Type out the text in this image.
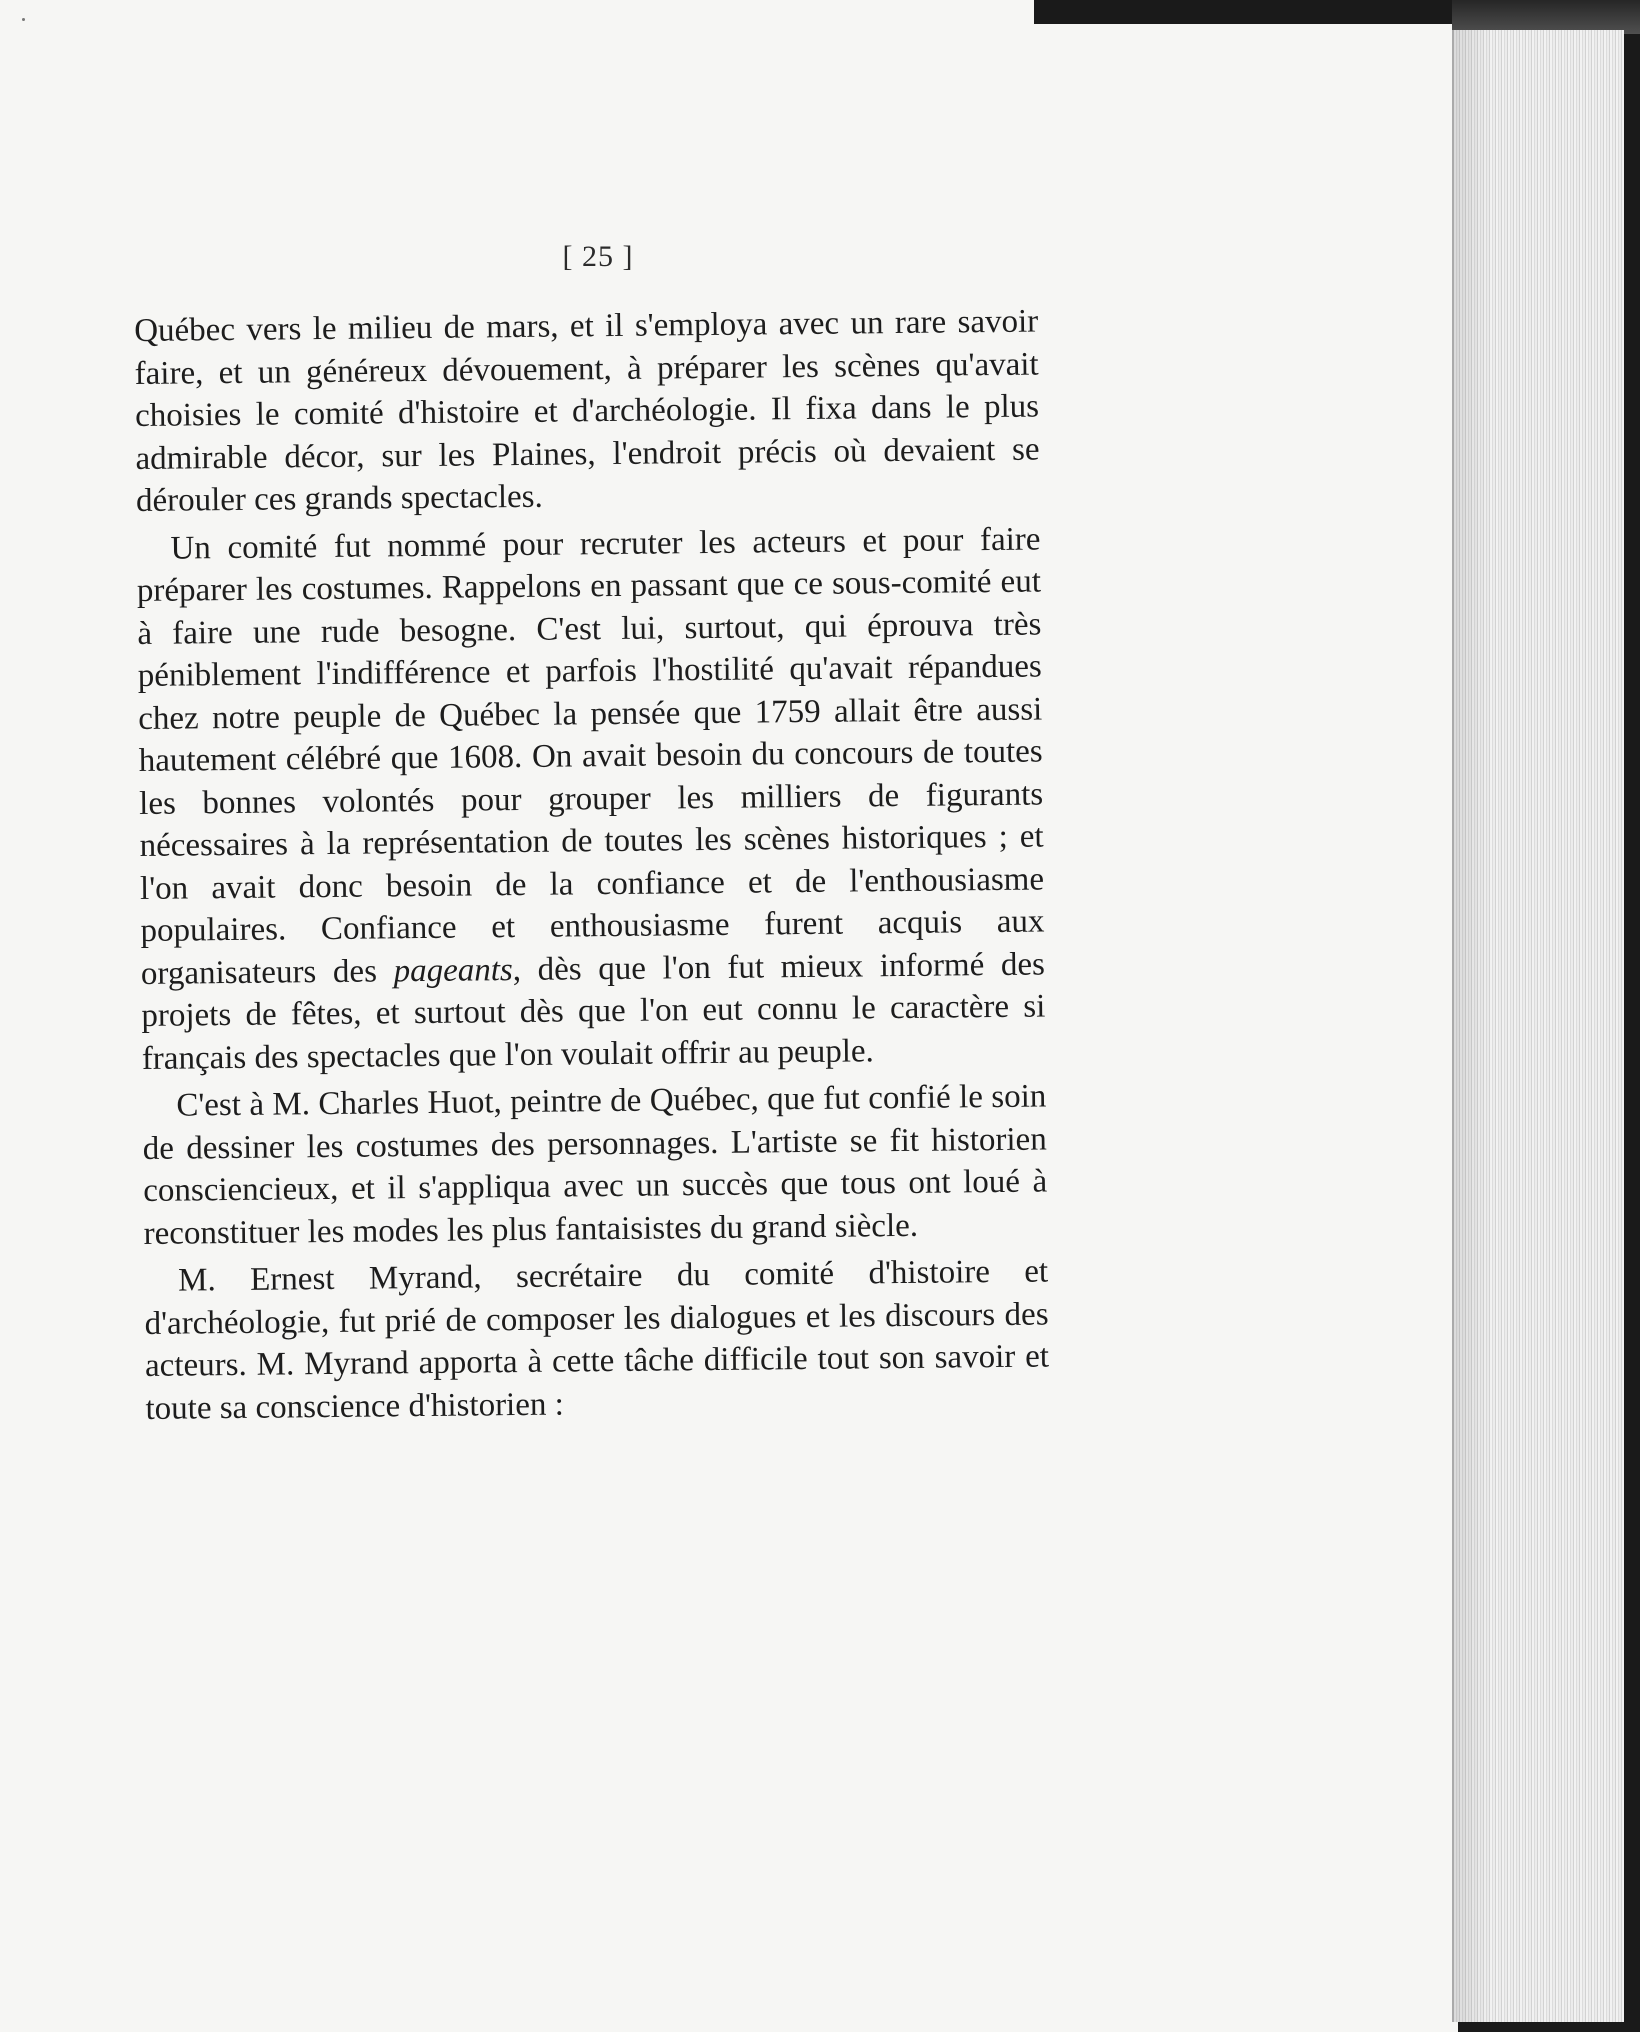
[ 25 ]

Québec vers le milieu de mars, et il s'employa avec un rare savoir faire, et un généreux dévouement, à préparer les scènes qu'avait choisies le comité d'histoire et d'archéologie. Il fixa dans le plus admirable décor, sur les Plaines, l'endroit précis où devaient se dérouler ces grands spectacles.

Un comité fut nommé pour recruter les acteurs et pour faire préparer les costumes. Rappelons en passant que ce sous-comité eut à faire une rude besogne. C'est lui, surtout, qui éprouva très péniblement l'indifférence et parfois l'hostilité qu'avait répandues chez notre peuple de Québec la pensée que 1759 allait être aussi hautement célébré que 1608. On avait besoin du concours de toutes les bonnes volontés pour grouper les milliers de figurants nécessaires à la représentation de toutes les scènes historiques ; et l'on avait donc besoin de la confiance et de l'enthousiasme populaires. Confiance et enthousiasme furent acquis aux organisateurs des pageants, dès que l'on fut mieux informé des projets de fêtes, et surtout dès que l'on eut connu le caractère si français des spectacles que l'on voulait offrir au peuple.

C'est à M. Charles Huot, peintre de Québec, que fut confié le soin de dessiner les costumes des personnages. L'artiste se fit historien consciencieux, et il s'appliqua avec un succès que tous ont loué à reconstituer les modes les plus fantaisistes du grand siècle.

M. Ernest Myrand, secrétaire du comité d'histoire et d'archéologie, fut prié de composer les dialogues et les discours des acteurs. M. Myrand apporta à cette tâche difficile tout son savoir et toute sa conscience d'historien :
